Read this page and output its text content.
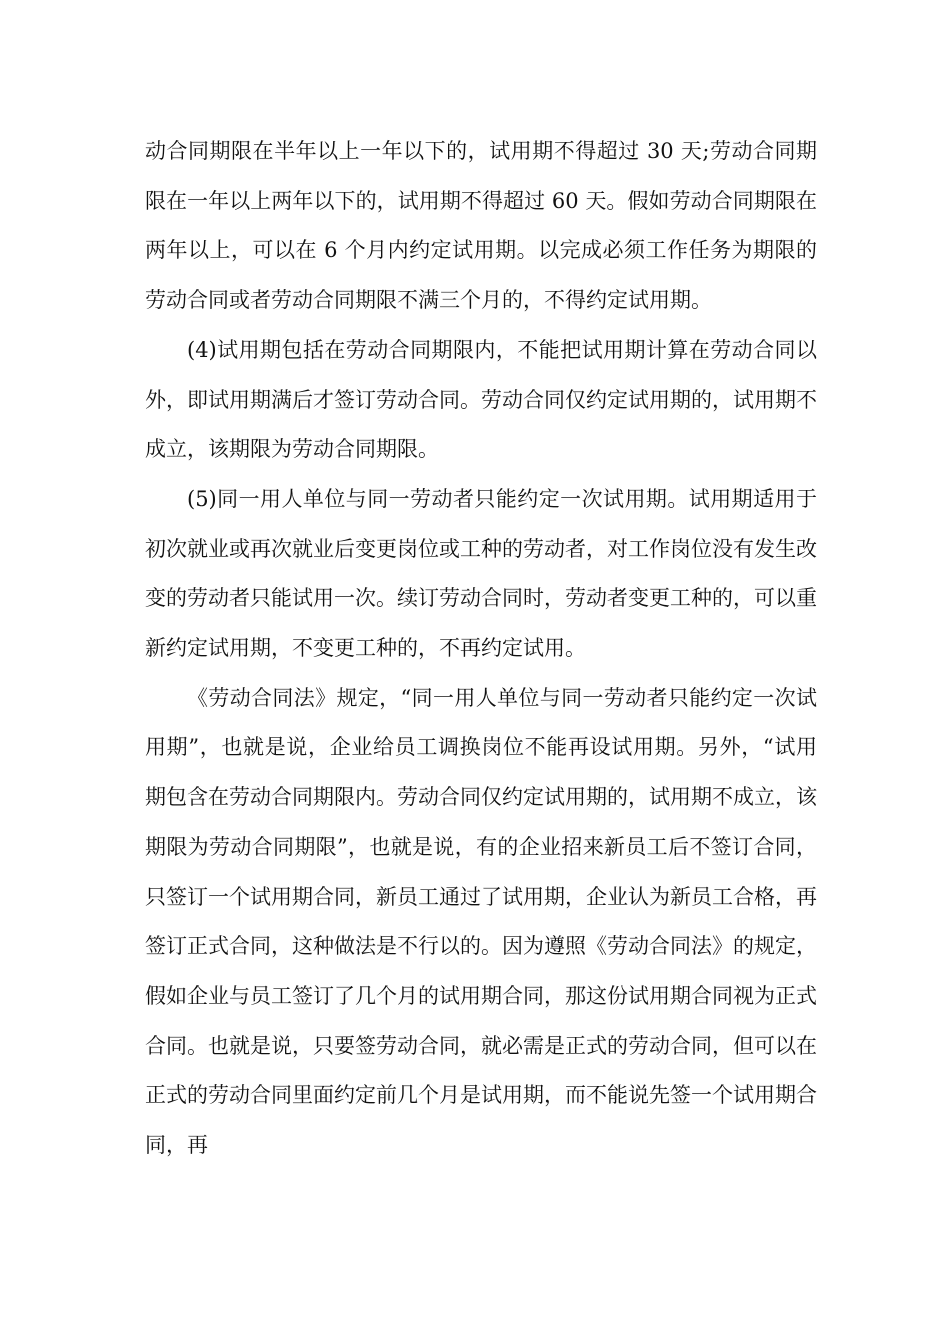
动合同期限在半年以上一年以下的，试用期不得超过 30 天;劳动合同期限在一年以上两年以下的，试用期不得超过 60 天。假如劳动合同期限在两年以上，可以在 6 个月内约定试用期。以完成必须工作任务为期限的劳动合同或者劳动合同期限不满三个月的，不得约定试用期。

(4)试用期包括在劳动合同期限内，不能把试用期计算在劳动合同以外，即试用期满后才签订劳动合同。劳动合同仅约定试用期的，试用期不成立，该期限为劳动合同期限。

(5)同一用人单位与同一劳动者只能约定一次试用期。试用期适用于初次就业或再次就业后变更岗位或工种的劳动者，对工作岗位没有发生改变的劳动者只能试用一次。续订劳动合同时，劳动者变更工种的，可以重新约定试用期，不变更工种的，不再约定试用。

《劳动合同法》规定，“同一用人单位与同一劳动者只能约定一次试用期”，也就是说，企业给员工调换岗位不能再设试用期。另外，“试用期包含在劳动合同期限内。劳动合同仅约定试用期的，试用期不成立，该期限为劳动合同期限”，也就是说，有的企业招来新员工后不签订合同，只签订一个试用期合同，新员工通过了试用期，企业认为新员工合格，再签订正式合同，这种做法是不行以的。因为遵照《劳动合同法》的规定，假如企业与员工签订了几个月的试用期合同，那这份试用期合同视为正式合同。也就是说，只要签劳动合同，就必需是正式的劳动合同，但可以在正式的劳动合同里面约定前几个月是试用期，而不能说先签一个试用期合同，再
